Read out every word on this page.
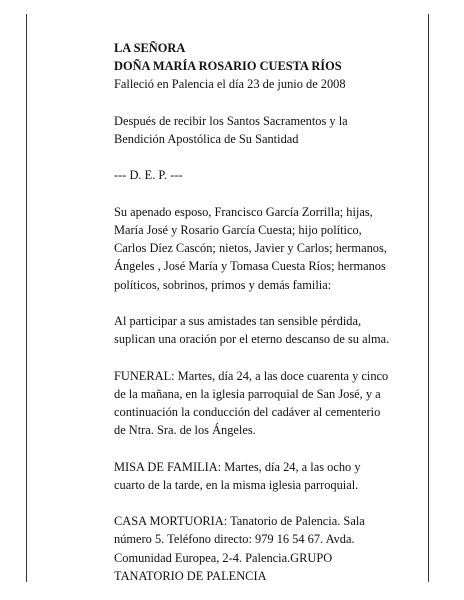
LA SEÑORA

DOÑA MARÍA ROSARIO CUESTA RÍOS

Falleció en Palencia el día 23 de junio de 2008

Después de recibir los Santos Sacramentos y la

Bendición Apostólica de Su Santidad

--- D. E. P. ---

Su apenado esposo, Francisco García Zorrilla; hijas,

María José y Rosario García Cuesta; hijo político,

Carlos Díez Cascón; nietos, Javier y Carlos; hermanos,

Ángeles , José María y Tomasa Cuesta Ríos; hermanos

políticos, sobrinos, primos y demás familia:

Al participar a sus amistades tan sensible pérdida,

suplican una oración por el eterno descanso de su alma.

FUNERAL: Martes, día 24, a las doce cuarenta y cinco

de la mañana, en la iglesia parroquial de San José, y a

continuación la conducción del cadáver al cementerio

de Ntra. Sra. de los Ángeles.

MISA DE FAMILIA: Martes, día 24, a las ocho y

cuarto de la tarde, en la misma iglesia parroquial.

CASA MORTUORIA: Tanatorio de Palencia. Sala

número 5. Teléfono directo: 979 16 54 67. Avda.

Comunidad Europea, 2-4. Palencia.GRUPO

TANATORIO DE PALENCIA
